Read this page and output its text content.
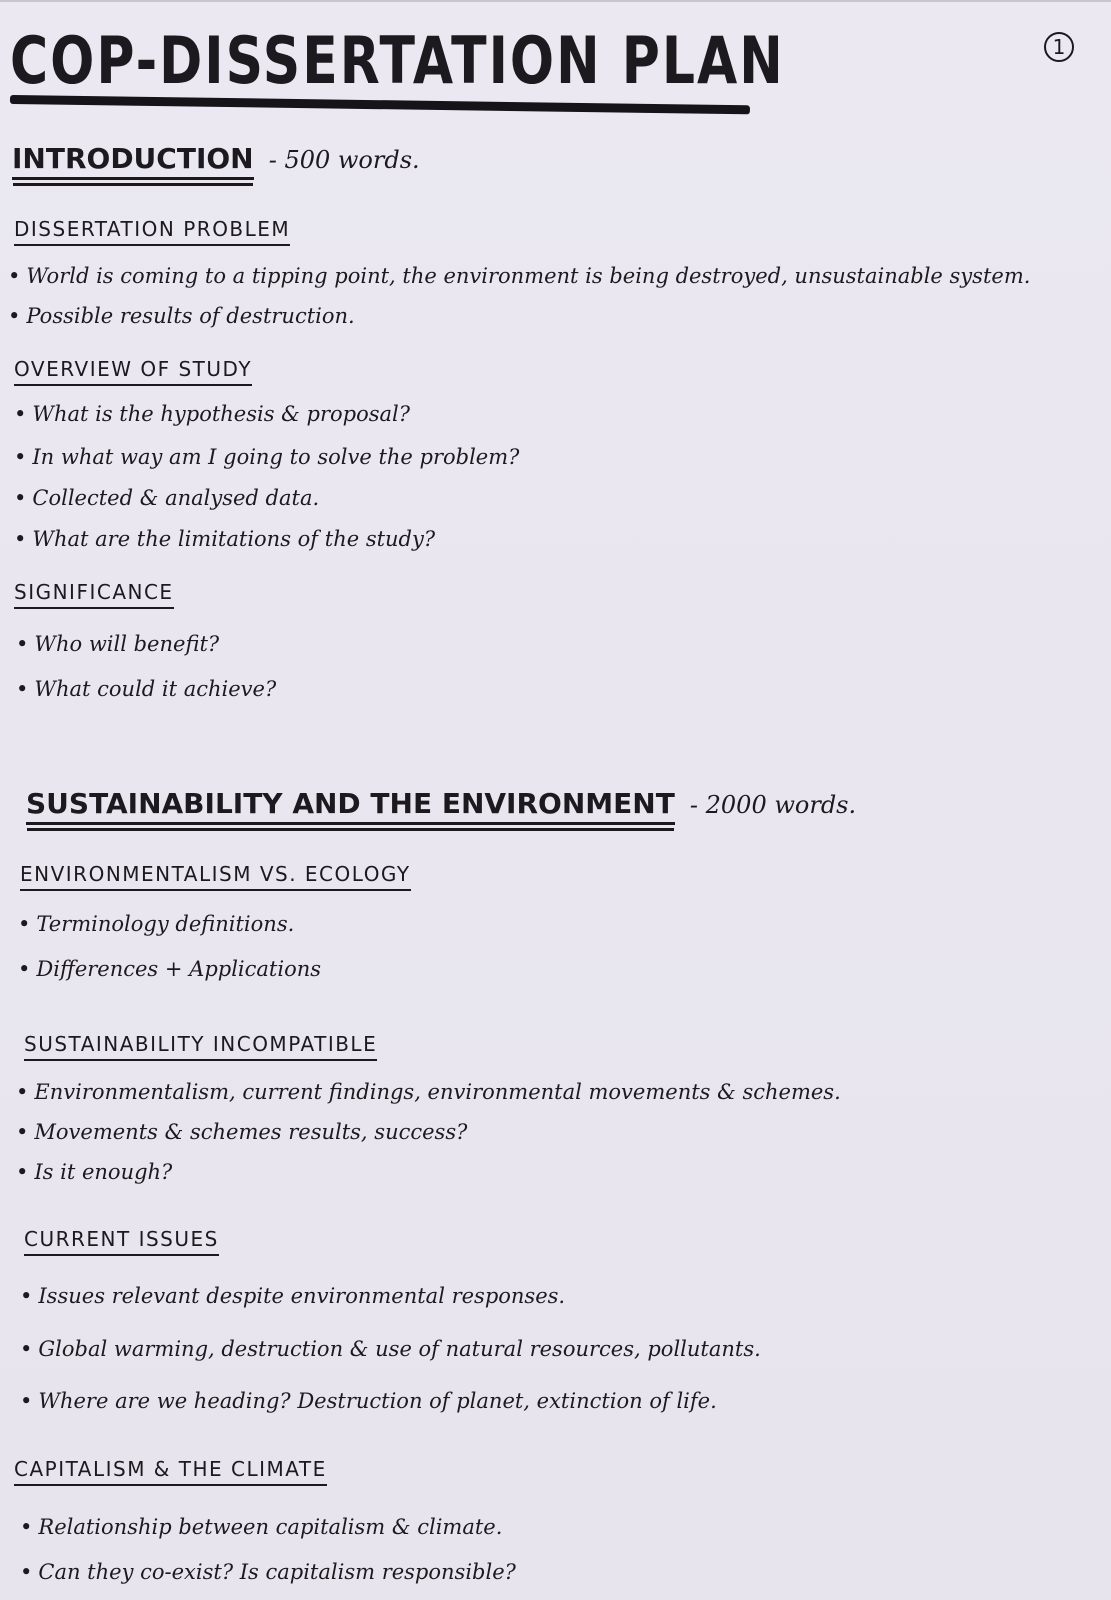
COP-DISSERTATION PLAN	1
INTRODUCTION - 500 words.
DISSERTATION PROBLEM
• World is coming to a tipping point, the environment is being destroyed, unsustainable system.
• Possible results of destruction.
OVERVIEW OF STUDY
• What is the hypothesis & proposal?
• In what way am I going to solve the problem?
• Collected & analysed data.
• What are the limitations of the study?
SIGNIFICANCE
• Who will benefit?
• What could it achieve?
SUSTAINABILITY AND THE ENVIRONMENT - 2000 words.
ENVIRONMENTALISM VS. ECOLOGY
• Terminology definitions.
• Differences + Applications
SUSTAINABILITY INCOMPATIBLE
• Environmentalism, current findings, environmental movements & schemes.
• Movements & schemes results, success?
• Is it enough?
CURRENT ISSUES
• Issues relevant despite environmental responses.
• Global warming, destruction & use of natural resources, pollutants.
• Where are we heading? Destruction of planet, extinction of life.
CAPITALISM & THE CLIMATE
• Relationship between capitalism & climate.
• Can they co-exist? Is capitalism responsible?
